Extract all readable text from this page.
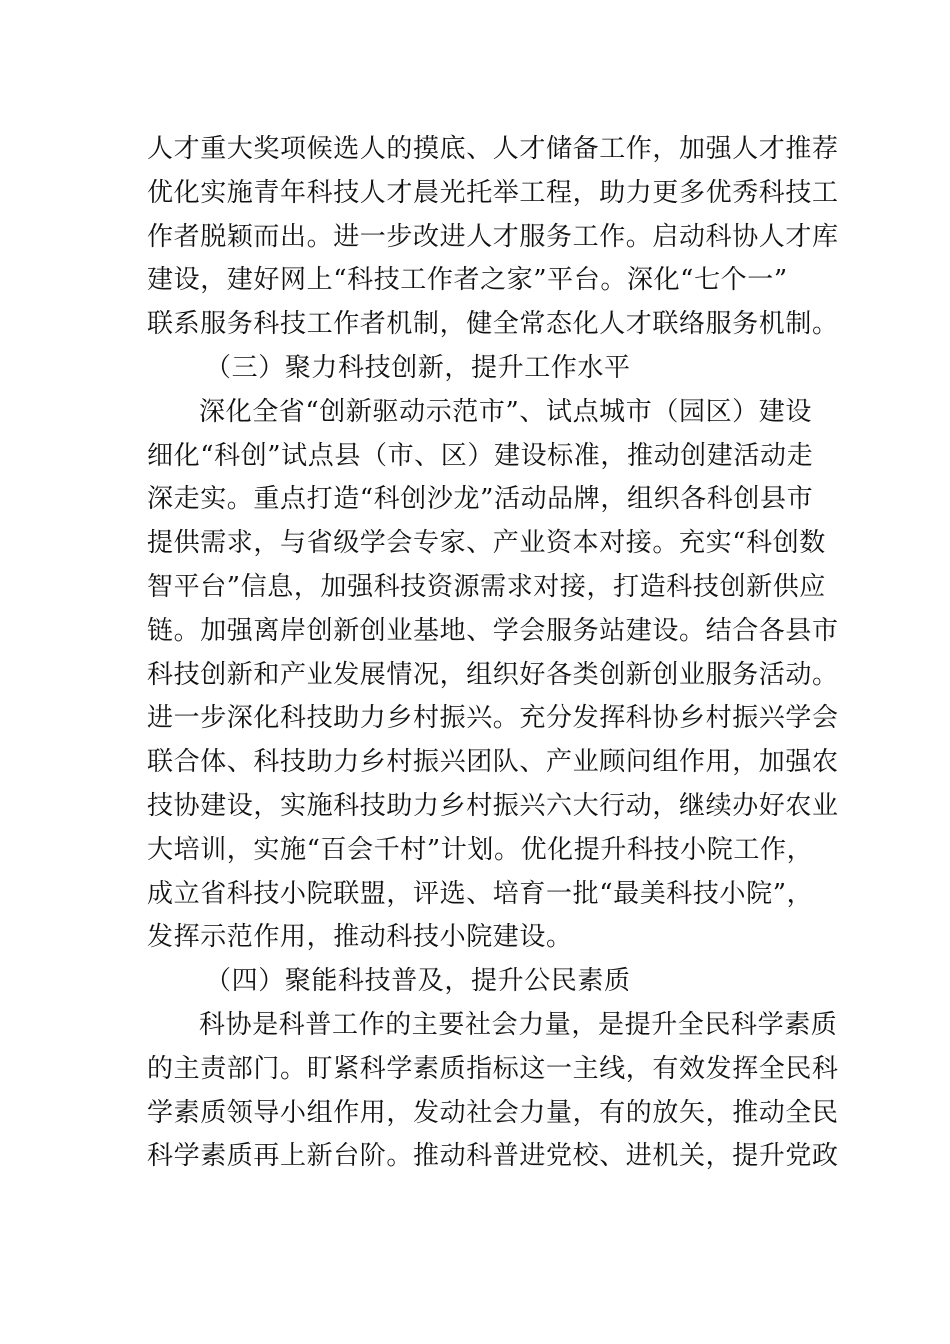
人才重大奖项候选人的摸底、人才储备工作，加强人才推荐
优化实施青年科技人才晨光托举工程，助力更多优秀科技工
作者脱颖而出。进一步改进人才服务工作。启动科协人才库
建设，建好网上“科技工作者之家”平台。深化“七个一”
联系服务科技工作者机制，健全常态化人才联络服务机制。
（三）聚力科技创新，提升工作水平
深化全省“创新驱动示范市”、试点城市（园区）建设
细化“科创”试点县（市、区）建设标准，推动创建活动走
深走实。重点打造“科创沙龙”活动品牌，组织各科创县市
提供需求，与省级学会专家、产业资本对接。充实“科创数
智平台”信息，加强科技资源需求对接，打造科技创新供应
链。加强离岸创新创业基地、学会服务站建设。结合各县市
科技创新和产业发展情况，组织好各类创新创业服务活动。
进一步深化科技助力乡村振兴。充分发挥科协乡村振兴学会
联合体、科技助力乡村振兴团队、产业顾问组作用，加强农
技协建设，实施科技助力乡村振兴六大行动，继续办好农业
大培训，实施“百会千村”计划。优化提升科技小院工作，
成立省科技小院联盟，评选、培育一批“最美科技小院”，
发挥示范作用，推动科技小院建设。
（四）聚能科技普及，提升公民素质
科协是科普工作的主要社会力量，是提升全民科学素质
的主责部门。盯紧科学素质指标这一主线，有效发挥全民科
学素质领导小组作用，发动社会力量，有的放矢，推动全民
科学素质再上新台阶。推动科普进党校、进机关，提升党政
